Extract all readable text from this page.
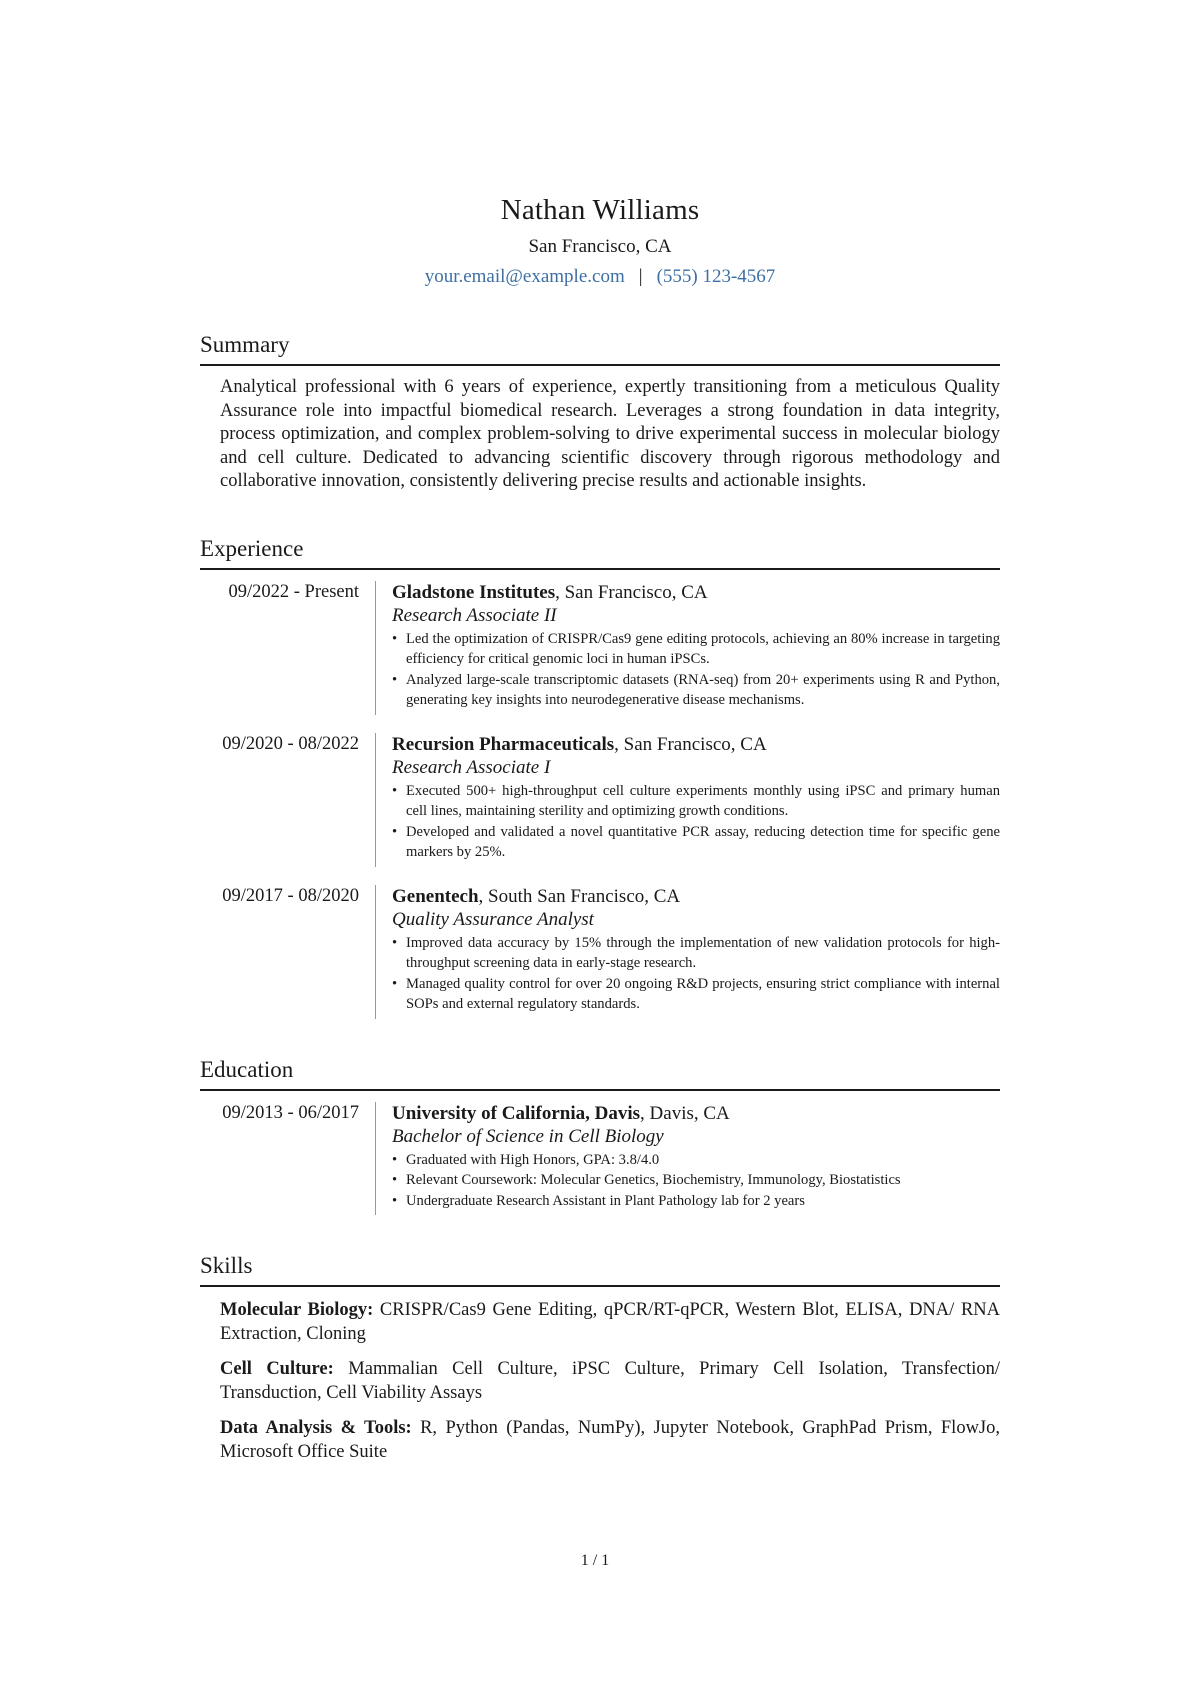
Nathan Williams
San Francisco, CA
your.email@example.com | (555) 123-4567
Summary

Analytical professional with 6 years of experience, expertly transitioning from a meticulous Quality Assurance role into impactful biomedical research. Leverages a strong foundation in data integrity, process optimization, and complex problem-solving to drive experimental success in molecular biology and cell culture. Dedicated to advancing scientific discovery through rigorous methodology and collaborative innovation, consistently delivering precise results and actionable insights.

Experience
09/2022 - Present	Gladstone Institutes, San Francisco, CA
Research Associate II
• Led the optimization of CRISPR/Cas9 gene editing protocols, achieving an 80% increase in targeting efficiency for critical genomic loci in human iPSCs.
• Analyzed large-scale transcriptomic datasets (RNA-seq) from 20+ experiments using R and Python, generating key insights into neurodegenerative disease mechanisms.
09/2020 - 08/2022	Recursion Pharmaceuticals, San Francisco, CA
Research Associate I
• Executed 500+ high-throughput cell culture experiments monthly using iPSC and primary human cell lines, maintaining sterility and optimizing growth conditions.
• Developed and validated a novel quantitative PCR assay, reducing detection time for specific gene markers by 25%.
09/2017 - 08/2020	Genentech, South San Francisco, CA
Quality Assurance Analyst
• Improved data accuracy by 15% through the implementation of new validation protocols for high-throughput screening data in early-stage research.
• Managed quality control for over 20 ongoing R&D projects, ensuring strict compliance with internal SOPs and external regulatory standards.
Education
09/2013 - 06/2017	University of California, Davis, Davis, CA
Bachelor of Science in Cell Biology
• Graduated with High Honors, GPA: 3.8/4.0
• Relevant Coursework: Molecular Genetics, Biochemistry, Immunology, Biostatistics
• Undergraduate Research Assistant in Plant Pathology lab for 2 years
Skills

Molecular Biology: CRISPR/Cas9 Gene Editing, qPCR/RT-qPCR, Western Blot, ELISA, DNA/ RNA Extraction, Cloning

Cell Culture: Mammalian Cell Culture, iPSC Culture, Primary Cell Isolation, Transfection/ Transduction, Cell Viability Assays

Data Analysis & Tools: R, Python (Pandas, NumPy), Jupyter Notebook, GraphPad Prism, FlowJo, Microsoft Office Suite

1 / 1
